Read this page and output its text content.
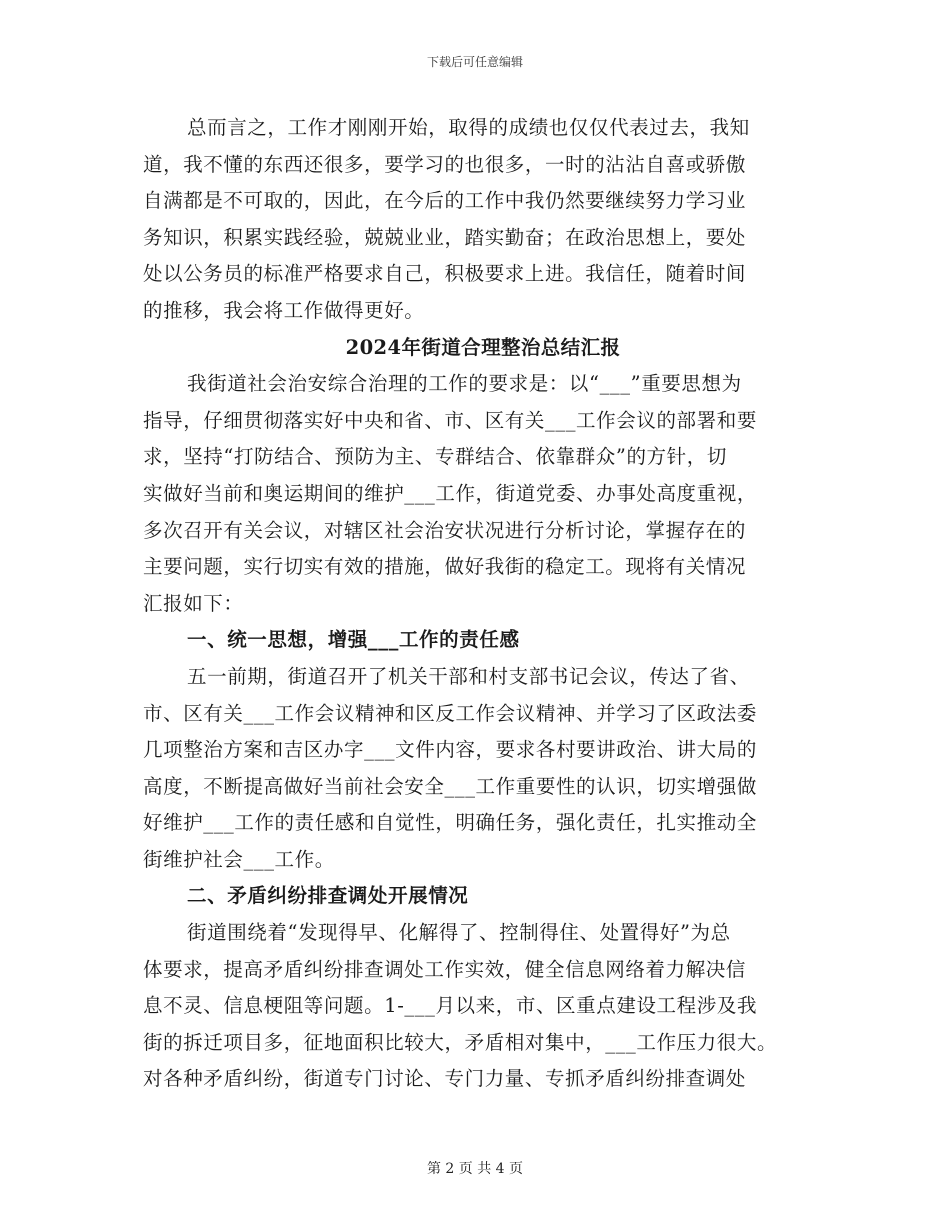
下载后可任意编辑
总而言之，工作才刚刚开始，取得的成绩也仅仅代表过去，我知
道，我不懂的东西还很多，要学习的也很多，一时的沾沾自喜或骄傲
自满都是不可取的，因此，在今后的工作中我仍然要继续努力学习业
务知识，积累实践经验，兢兢业业，踏实勤奋；在政治思想上，要处
处以公务员的标准严格要求自己，积极要求上进。我信任，随着时间
的推移，我会将工作做得更好。
2024年街道合理整治总结汇报
我街道社会治安综合治理的工作的要求是：以“___”重要思想为
指导，仔细贯彻落实好中央和省、市、区有关___工作会议的部署和要
求，坚持“打防结合、预防为主、专群结合、依靠群众”的方针，切
实做好当前和奥运期间的维护___工作，街道党委、办事处高度重视，
多次召开有关会议，对辖区社会治安状况进行分析讨论，掌握存在的
主要问题，实行切实有效的措施，做好我街的稳定工。现将有关情况
汇报如下：
一、统一思想，增强___工作的责任感
五一前期，街道召开了机关干部和村支部书记会议，传达了省、
市、区有关___工作会议精神和区反工作会议精神、并学习了区政法委
几项整治方案和吉区办字___文件内容，要求各村要讲政治、讲大局的
高度，不断提高做好当前社会安全___工作重要性的认识，切实增强做
好维护___工作的责任感和自觉性，明确任务，强化责任，扎实推动全
街维护社会___工作。
二、矛盾纠纷排查调处开展情况
街道围绕着“发现得早、化解得了、控制得住、处置得好”为总
体要求，提高矛盾纠纷排查调处工作实效，健全信息网络着力解决信
息不灵、信息梗阻等问题。1-___月以来，市、区重点建设工程涉及我
街的拆迁项目多，征地面积比较大，矛盾相对集中，___工作压力很大。
对各种矛盾纠纷，街道专门讨论、专门力量、专抓矛盾纠纷排查调处
第 2 页 共 4 页
